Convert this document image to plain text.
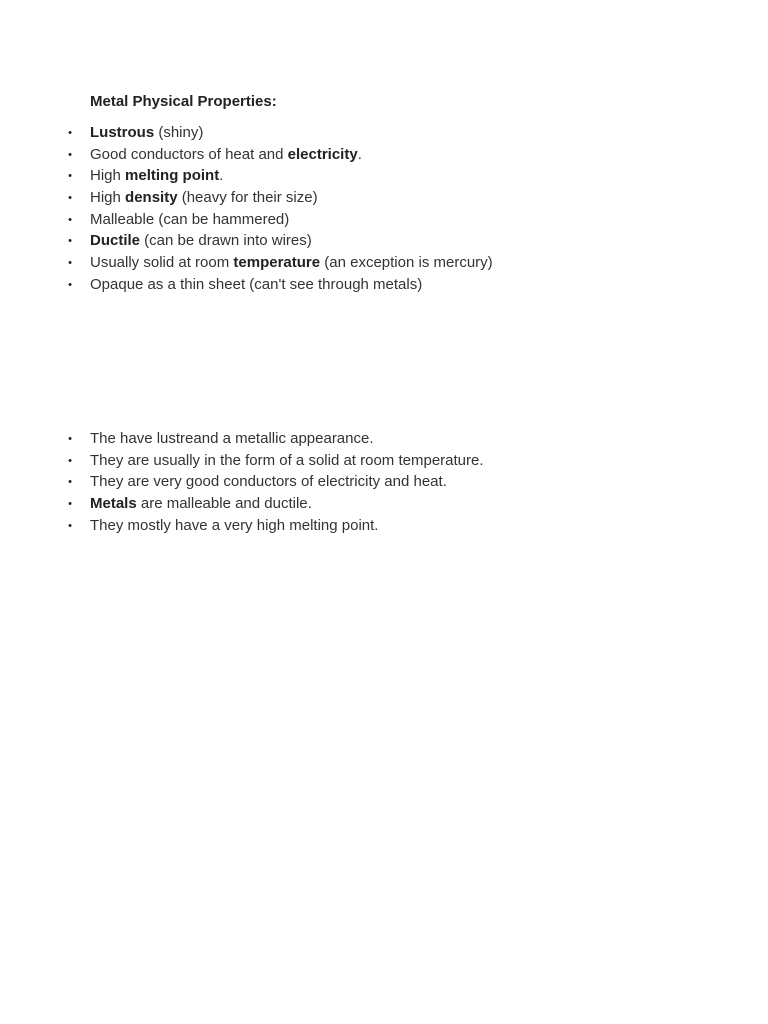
Metal Physical Properties:
• Lustrous (shiny)
• Good conductors of heat and electricity.
• High melting point.
• High density (heavy for their size)
• Malleable (can be hammered)
• Ductile (can be drawn into wires)
• Usually solid at room temperature (an exception is mercury)
• Opaque as a thin sheet (can't see through metals)
• The have lustreand a metallic appearance.
• They are usually in the form of a solid at room temperature.
• They are very good conductors of electricity and heat.
• Metals are malleable and ductile.
• They mostly have a very high melting point.
